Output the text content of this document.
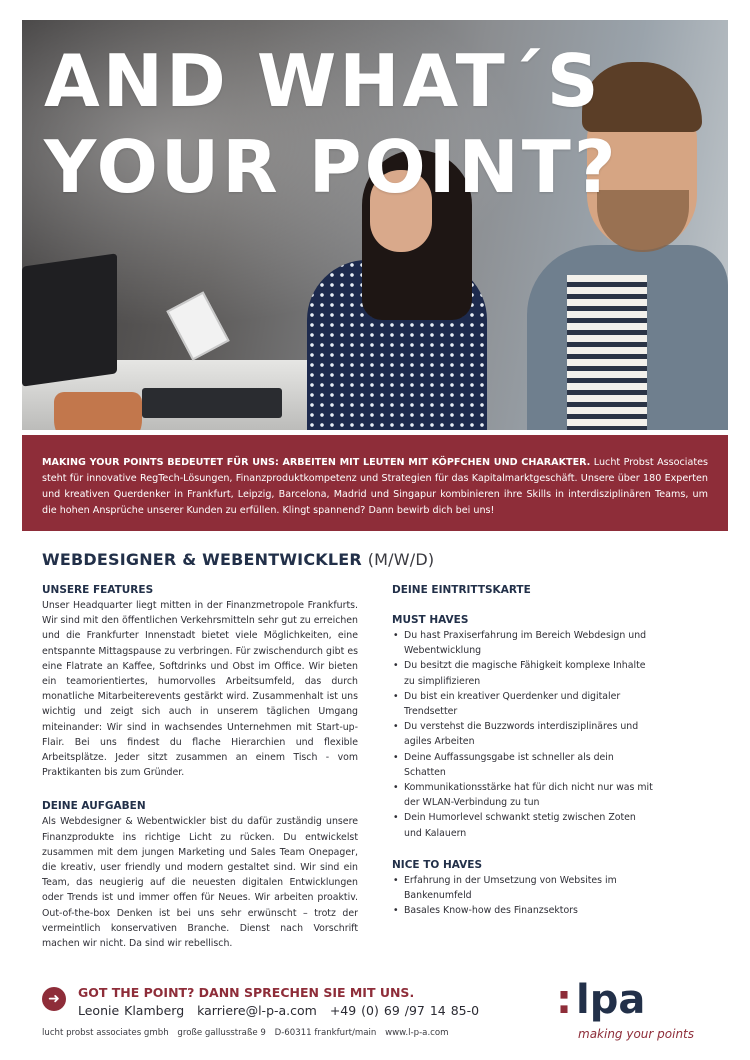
AND WHAT´S
YOUR POINT?
MAKING YOUR POINTS BEDEUTET FÜR UNS: ARBEITEN MIT LEUTEN MIT KÖPFCHEN UND CHARAKTER. Lucht Probst Associates steht für innovative RegTech-Lösungen, Finanzproduktkompetenz und Strategien für das Kapitalmarktgeschäft. Unsere über 180 Experten und kreativen Querdenker in Frankfurt, Leipzig, Barcelona, Madrid und Singapur kombinieren ihre Skills in interdisziplinären Teams, um die hohen Ansprüche unserer Kunden zu erfüllen. Klingt spannend? Dann bewirb dich bei uns!
WEBDESIGNER & WEBENTWICKLER (M/W/D)
UNSERE FEATURES

Unser Headquarter liegt mitten in der Finanzmetropole Frankfurts. Wir sind mit den öffentlichen Verkehrsmitteln sehr gut zu erreichen und die Frankfurter Innenstadt bietet viele Möglichkeiten, eine entspannte Mittagspause zu verbringen. Für zwischendurch gibt es eine Flatrate an Kaffee, Softdrinks und Obst im Office. Wir bieten ein teamorientiertes, humorvolles Arbeitsumfeld, das durch monatliche Mitarbeiterevents gestärkt wird. Zusammenhalt ist uns wichtig und zeigt sich auch in unserem täglichen Umgang miteinander: Wir sind in wachsendes Unternehmen mit Start-up-Flair. Bei uns findest du flache Hierarchien und flexible Arbeitsplätze. Jeder sitzt zusammen an einem Tisch - vom Praktikanten bis zum Gründer.

DEINE AUFGABEN

Als Webdesigner & Webentwickler bist du dafür zuständig unsere Finanzprodukte ins richtige Licht zu rücken. Du entwickelst zusammen mit dem jungen Marketing und Sales Team Onepager, die kreativ, user friendly und modern gestaltet sind. Wir sind ein Team, das neugierig auf die neuesten digitalen Entwicklungen oder Trends ist und immer offen für Neues. Wir arbeiten proaktiv. Out-of-the-box Denken ist bei uns sehr erwünscht – trotz der vermeintlich konservativen Branche. Dienst nach Vorschrift machen wir nicht. Da sind wir rebellisch.

DEINE EINTRITTSKARTE
MUST HAVES
• Du hast Praxiserfahrung im Bereich Webdesign und Webentwicklung
• Du besitzt die magische Fähigkeit komplexe Inhalte zu simplifizieren
• Du bist ein kreativer Querdenker und digitaler Trendsetter
• Du verstehst die Buzzwords interdisziplinäres und agiles Arbeiten
• Deine Auffassungsgabe ist schneller als dein Schatten
• Kommunikationsstärke hat für dich nicht nur was mit der WLAN-Verbindung zu tun
• Dein Humorlevel schwankt stetig zwischen Zoten und Kalauern
NICE TO HAVES
• Erfahrung in der Umsetzung von Websites im Bankenumfeld
• Basales Know-how des Finanzsektors
➜	GOT THE POINT? DANN SPRECHEN SIE MIT UNS.
Leonie Klamberg karriere@l-p-a.com +49 (0) 69 /97 14 85-0
lucht probst associates gmbh große gallusstraße 9 D-60311 frankfurt/main www.l-p-a.com
: lpa
making your points
